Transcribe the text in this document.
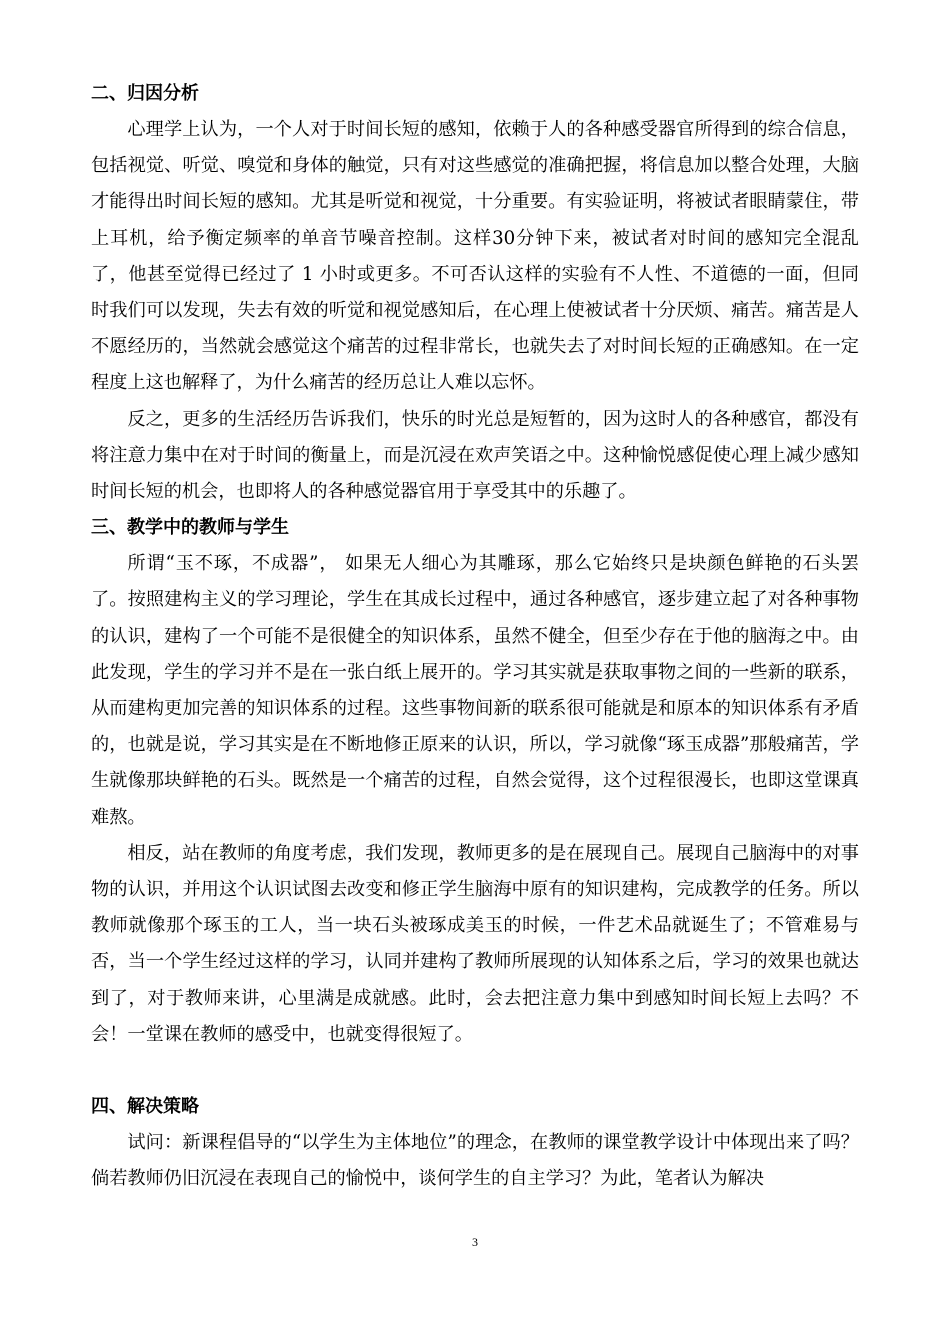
二、归因分析

心理学上认为，一个人对于时间长短的感知，依赖于人的各种感受器官所得到的综合信息，包括视觉、听觉、嗅觉和身体的触觉，只有对这些感觉的准确把握，将信息加以整合处理，大脑才能得出时间长短的感知。尤其是听觉和视觉，十分重要。有实验证明，将被试者眼睛蒙住，带上耳机，给予衡定频率的单音节噪音控制。这样30分钟下来，被试者对时间的感知完全混乱了，他甚至觉得已经过了 1 小时或更多。不可否认这样的实验有不人性、不道德的一面，但同时我们可以发现，失去有效的听觉和视觉感知后，在心理上使被试者十分厌烦、痛苦。痛苦是人不愿经历的，当然就会感觉这个痛苦的过程非常长，也就失去了对时间长短的正确感知。在一定程度上这也解释了，为什么痛苦的经历总让人难以忘怀。

反之，更多的生活经历告诉我们，快乐的时光总是短暂的，因为这时人的各种感官，都没有将注意力集中在对于时间的衡量上，而是沉浸在欢声笑语之中。这种愉悦感促使心理上减少感知时间长短的机会，也即将人的各种感觉器官用于享受其中的乐趣了。

三、教学中的教师与学生

所谓“玉不琢，不成器”， 如果无人细心为其雕琢，那么它始终只是块颜色鲜艳的石头罢了。按照建构主义的学习理论，学生在其成长过程中，通过各种感官，逐步建立起了对各种事物的认识，建构了一个可能不是很健全的知识体系，虽然不健全，但至少存在于他的脑海之中。由此发现，学生的学习并不是在一张白纸上展开的。学习其实就是获取事物之间的一些新的联系，从而建构更加完善的知识体系的过程。这些事物间新的联系很可能就是和原本的知识体系有矛盾的，也就是说，学习其实是在不断地修正原来的认识，所以，学习就像“琢玉成器”那般痛苦，学生就像那块鲜艳的石头。既然是一个痛苦的过程，自然会觉得，这个过程很漫长，也即这堂课真难熬。

相反，站在教师的角度考虑，我们发现，教师更多的是在展现自己。展现自己脑海中的对事物的认识，并用这个认识试图去改变和修正学生脑海中原有的知识建构，完成教学的任务。所以教师就像那个琢玉的工人，当一块石头被琢成美玉的时候，一件艺术品就诞生了；不管难易与否，当一个学生经过这样的学习，认同并建构了教师所展现的认知体系之后，学习的效果也就达到了，对于教师来讲，心里满是成就感。此时，会去把注意力集中到感知时间长短上去吗？不会！一堂课在教师的感受中，也就变得很短了。

四、解决策略

试问：新课程倡导的“以学生为主体地位”的理念，在教师的课堂教学设计中体现出来了吗？倘若教师仍旧沉浸在表现自己的愉悦中，谈何学生的自主学习？为此，笔者认为解决

3
